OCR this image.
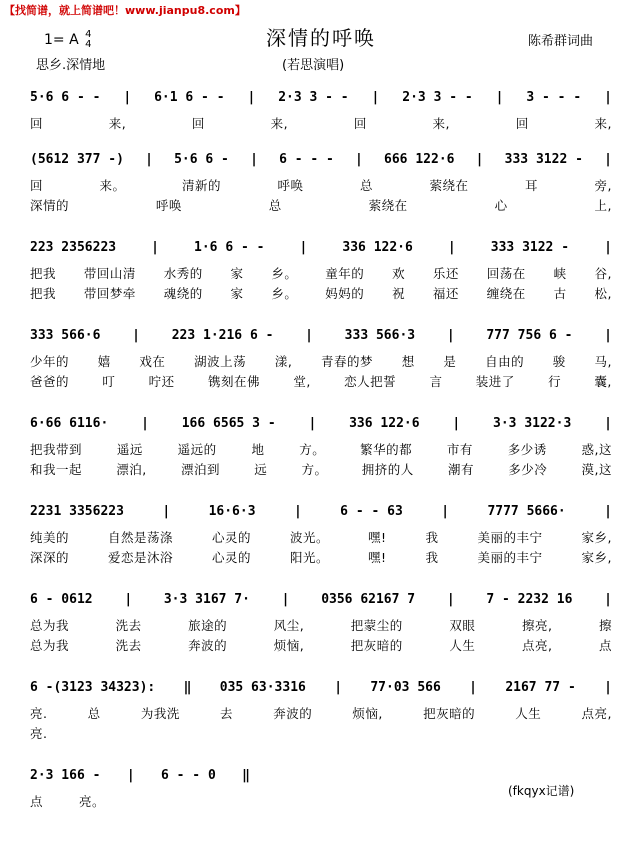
【找简谱，就上简谱吧！www.jianpu8.com】
深情的呼唤
1= A 4
4	陈希群词曲
思乡.深情地	(若思演唱)
5·6 6 - - | 6·1 6 - - | 2·3 3 - - | 2·3 3 - - | 3 - - - |
回	来,	回	来,	回	来,	回	来,
(5612 377 -) | 5·6 6 - | 6 - - - | 666 122·6 | 333 3122 - |
回	来。	清新的	呼唤	总	萦绕在	耳	旁,
深情的	呼唤	总	萦绕在	心	上,
223 2356223	|	1·6 6 - -	|	336 122·6	|	333 3122 -	|
把我 带回山清 水秀的 家 乡。 童年的 欢 乐还 回荡在 峡 谷,
把我 带回梦牵 魂绕的 家 乡。 妈妈的 祝 福还 缠绕在 古 松,
333 566·6 | 223 1·216 6 - | 333 566·3 | 777 756 6 - |
少年的 嬉 戏在 湖波上荡 漾, 青春的梦 想 是 自由的 骏 马,
爸爸的	叮	咛还	镌刻在佛	堂,	恋人把誓	言	装进了	行	囊,
6·66 6116·	|	166 6565 3 -	|	336 122·6	|	3·3 3122·3	|
把我带到	遥远	遥远的	地	方。	繁华的都	市有	多少诱	惑,这
和我一起	漂泊,	漂泊到	远	方。	拥挤的人	潮有	多少冷	漠,这
2231 3356223	|	16·6·3	|	6 - - 63	|	7777 5666·	|
纯美的	自然是荡涤	心灵的	波光。	嘿!	我	美丽的丰宁	家乡,
深深的	爱恋是沐浴	心灵的	阳光。	嘿!	我	美丽的丰宁	家乡,
6 - 0612 | 3·3 3167 7· | 0356 62167 7 | 7 - 2232 16 |
总为我	洗去	旅途的	风尘,	把蒙尘的	双眼	擦亮,	擦
总为我	洗去	奔波的	烦恼,	把灰暗的	人生	点亮,	点
6 -(3123 34323): ‖ 035 63·3316 | 77·03 566 | 2167 77 - |
亮.	总	为我洗	去	奔波的	烦恼,	把灰暗的	人生	点亮,
亮.
2·3 166 - | 6 - - 0 ‖
点	亮。
(fkqyx记谱)
